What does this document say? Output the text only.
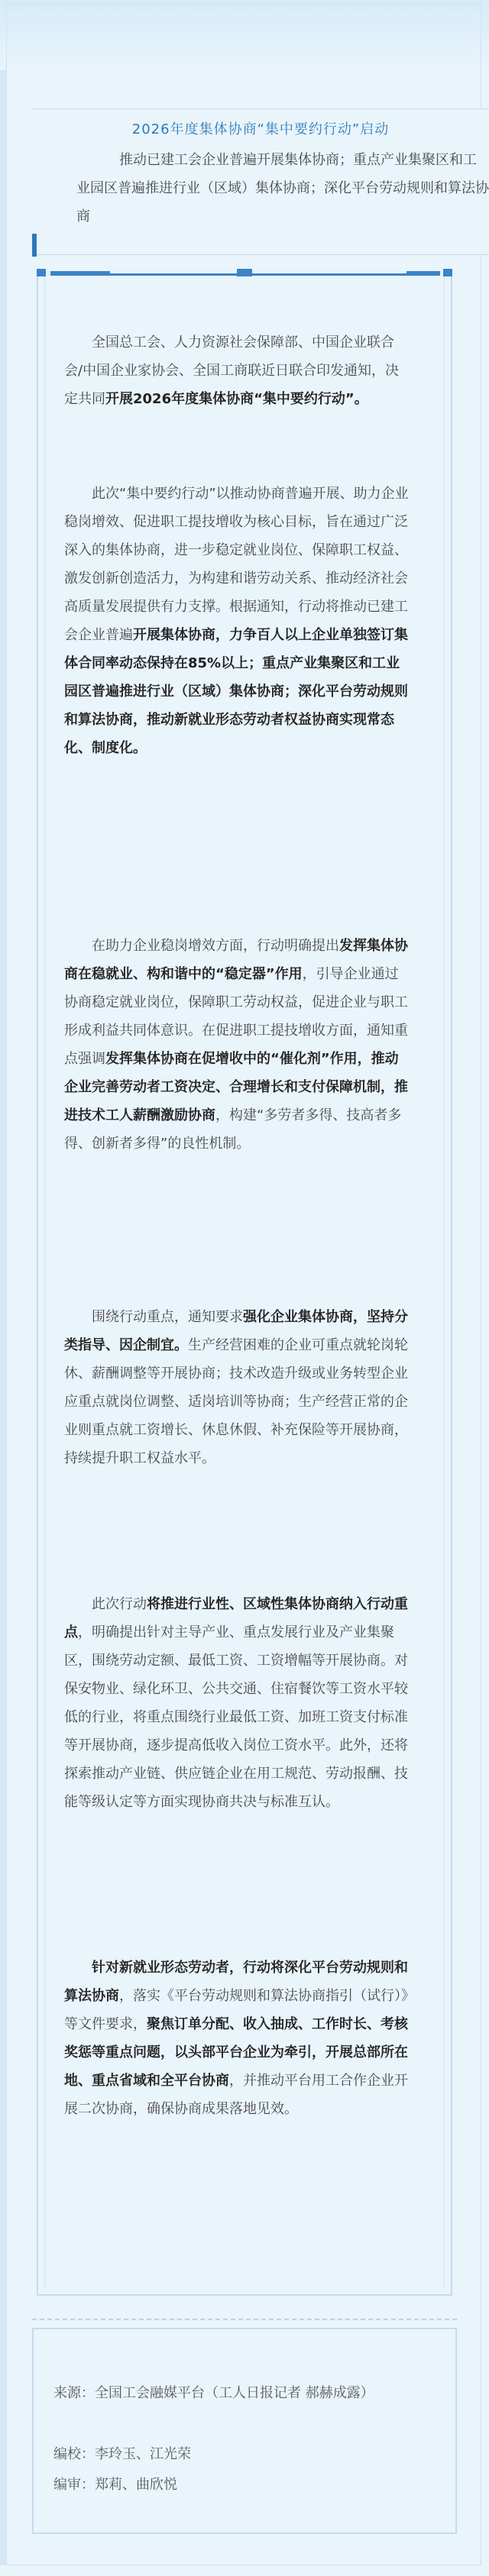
2026年度集体协商“集中要约行动”启动
推动已建工会企业普遍开展集体协商；重点产业集聚区和工业园区普遍推进行业（区域）集体协商；深化平台劳动规则和算法协商
全国总工会、人力资源社会保障部、中国企业联合会/中国企业家协会、全国工商联近日联合印发通知，决定共同开展2026年度集体协商“集中要约行动”。
此次“集中要约行动”以推动协商普遍开展、助力企业稳岗增效、促进职工提技增收为核心目标，旨在通过广泛深入的集体协商，进一步稳定就业岗位、保障职工权益、激发创新创造活力，为构建和谐劳动关系、推动经济社会高质量发展提供有力支撑。根据通知，行动将推动已建工会企业普遍开展集体协商，力争百人以上企业单独签订集体合同率动态保持在85%以上；重点产业集聚区和工业园区普遍推进行业（区域）集体协商；深化平台劳动规则和算法协商，推动新就业形态劳动者权益协商实现常态化、制度化。
在助力企业稳岗增效方面，行动明确提出发挥集体协商在稳就业、构和谐中的“稳定器”作用，引导企业通过协商稳定就业岗位，保障职工劳动权益，促进企业与职工形成利益共同体意识。在促进职工提技增收方面，通知重点强调发挥集体协商在促增收中的“催化剂”作用，推动企业完善劳动者工资决定、合理增长和支付保障机制，推进技术工人薪酬激励协商，构建“多劳者多得、技高者多得、创新者多得”的良性机制。
围绕行动重点，通知要求强化企业集体协商，坚持分类指导、因企制宜。生产经营困难的企业可重点就轮岗轮休、薪酬调整等开展协商；技术改造升级或业务转型企业应重点就岗位调整、适岗培训等协商；生产经营正常的企业则重点就工资增长、休息休假、补充保险等开展协商，持续提升职工权益水平。
此次行动将推进行业性、区域性集体协商纳入行动重点，明确提出针对主导产业、重点发展行业及产业集聚区，围绕劳动定额、最低工资、工资增幅等开展协商。对保安物业、绿化环卫、公共交通、住宿餐饮等工资水平较低的行业，将重点围绕行业最低工资、加班工资支付标准等开展协商，逐步提高低收入岗位工资水平。此外，还将探索推动产业链、供应链企业在用工规范、劳动报酬、技能等级认定等方面实现协商共决与标准互认。
针对新就业形态劳动者，行动将深化平台劳动规则和算法协商，落实《平台劳动规则和算法协商指引（试行）》等文件要求，聚焦订单分配、收入抽成、工作时长、考核奖惩等重点问题，以头部平台企业为牵引，开展总部所在地、重点省域和全平台协商，并推动平台用工合作企业开展二次协商，确保协商成果落地见效。
来源：全国工会融媒平台（工人日报记者 郝赫成露）
编校：李玲玉、江光荣
编审：郑莉、曲欣悦
